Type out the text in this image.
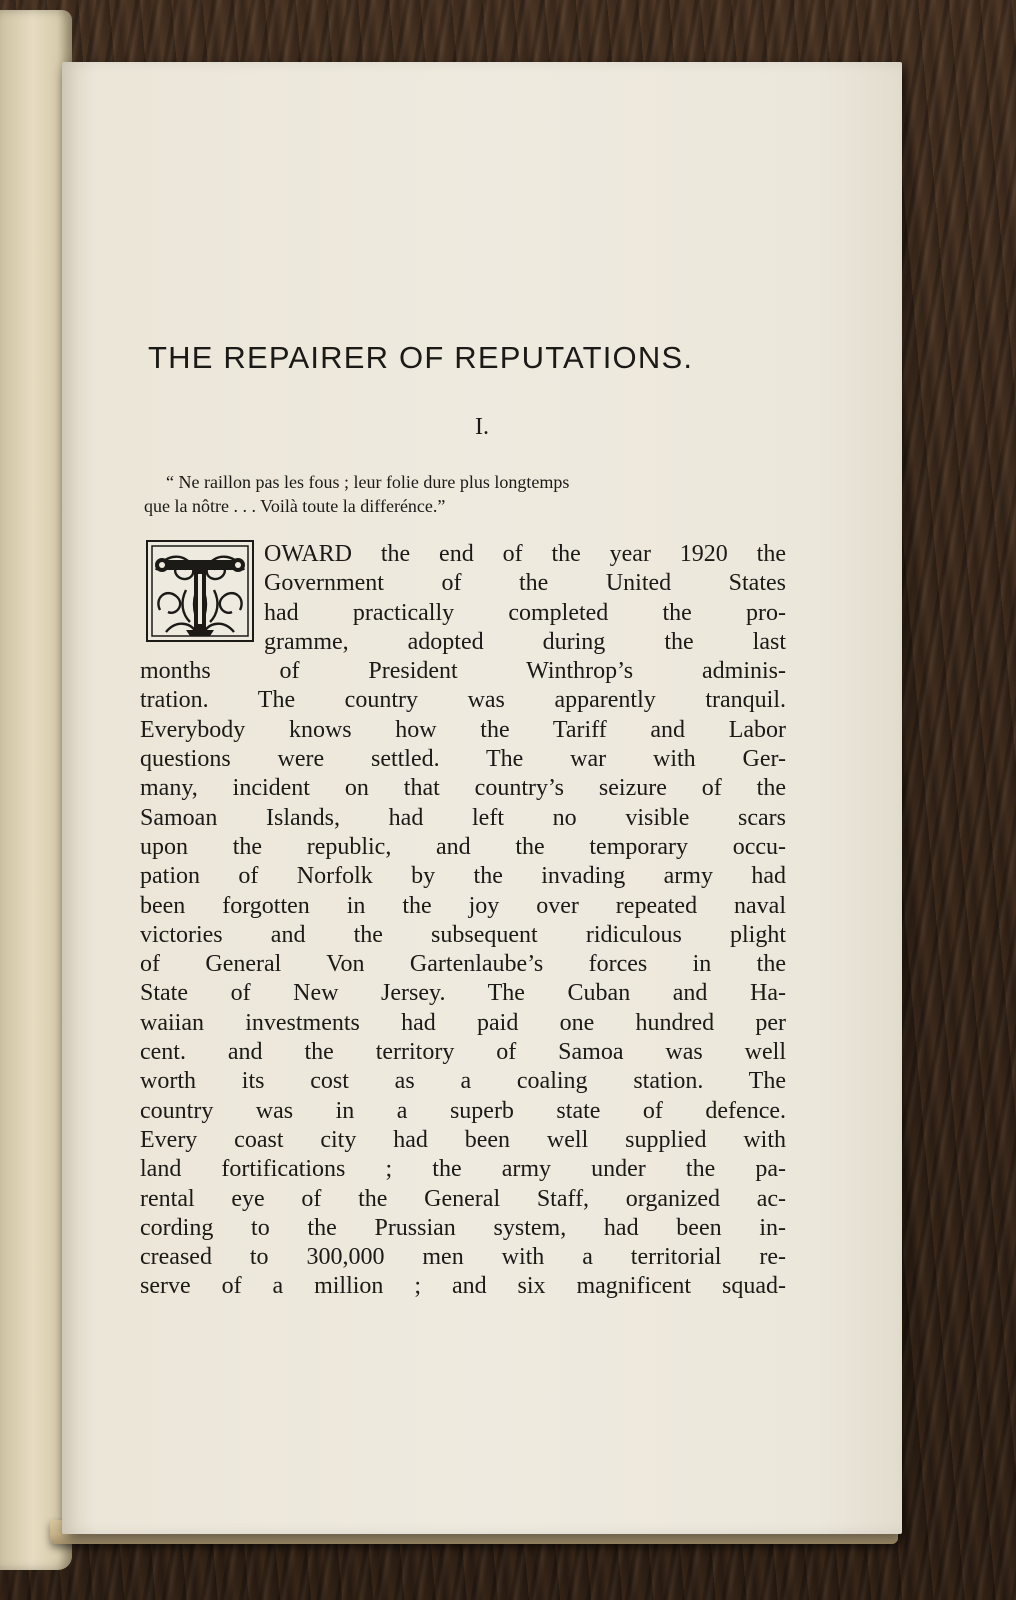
THE REPAIRER OF REPUTATIONS.
I.

“ Ne raillon pas les fous ; leur folie dure plus longtemps

que la nôtre . . . Voilà toute la differénce.”

OWARD the end of the year 1920 the
Government of the United States
had practically completed the pro-
gramme, adopted during the last
months of President Winthrop’s adminis-
tration. The country was apparently tranquil.
Everybody knows how the Tariff and Labor
questions were settled. The war with Ger-
many, incident on that country’s seizure of the
Samoan Islands, had left no visible scars
upon the republic, and the temporary occu-
pation of Norfolk by the invading army had
been forgotten in the joy over repeated naval
victories and the subsequent ridiculous plight
of General Von Gartenlaube’s forces in the
State of New Jersey. The Cuban and Ha-
waiian investments had paid one hundred per
cent. and the territory of Samoa was well
worth its cost as a coaling station. The
country was in a superb state of defence.
Every coast city had been well supplied with
land fortifications ; the army under the pa-
rental eye of the General Staff, organized ac-
cording to the Prussian system, had been in-
creased to 300,000 men with a territorial re-
serve of a million ; and six magnificent squad-
